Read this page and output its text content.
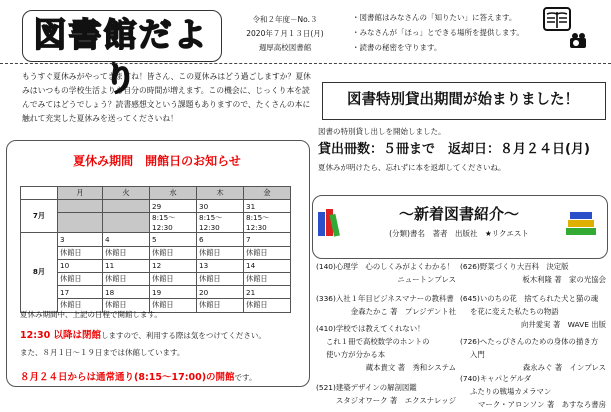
図書館だより
令和２年度－No.３
2020年７月１３日(月)
週厚高校図書館
・ 図書館はみなさんの「知りたい」に答えます。
・ みなさんが「ほっ」とできる場所を提供します。
・ 読書の秘密を守ります。
もうすぐ夏休みがやってきますね！皆さん、この夏休みはどう過ごしますか？夏休みはいつもの学校生活よりも自分の時間が増えます。この機会に、じっくり本を読んでみてはどうでしょう？読書感想文という課題もありますので、たくさんの本に触れて充実した夏休みを送ってくださいね！
図書特別貸出期間が始まりました！
図書の特別貸し出しを開始しました。
貸出冊数：５冊まで　返却日：８月２４日(月)
夏休みが明けたら、忘れずに本を返却してくださいね。
夏休み期間　開館日のお知らせ
	月	火	水	木	金
7月			29	30	31
			8:15～12:30	8:15～12:30	8:15～12:30
8月	3	4	5	6	7
	休館日	休館日	休館日	休館日	休館日
	10	11	12	13	14
	休館日	休館日	休館日	休館日	休館日
	17	18	19	20	21
	休館日	休館日	休館日	休館日	休館日
夏休み期間中、上記の日程で開館します。
12:30 以降は閉館しますので、利用する際は気をつけてください。
また、８月１日～１９日までは休館しています。
８月２４日からは通常通り(8:15～17:00)の開館です。
～新着図書紹介～
(分類)書名　著者　出版社　★リクエスト
(140)心理学　心のしくみがよくわかる！
ニュートンプレス
(336)入社１年目ビジネスマナーの教科書
金森たかこ 著　プレジデント社
(410)学校では教えてくれない！
これ１冊で高校数学のホントの
使い方が分かる本
蔵本貴文 著　秀和システム
(521)建築デザインの解剖図鑑
スタジオワーク 著　エクスナレッジ
(626)野菜づくり大百科　決定版
板木利隆 著　家の光協会
(645)いのちの花　捨てられた犬と猫の魂
を花に変えた私たちの物語
向井愛実 著　WAVE 出版
(726)へたっぴさんのための身体の描き方
入門
森永みぐ 著　インプレス
(740)キャパとゲルダ
ふたりの戦場カメラマン
マーク・アロンソン 著　あすなろ書房
